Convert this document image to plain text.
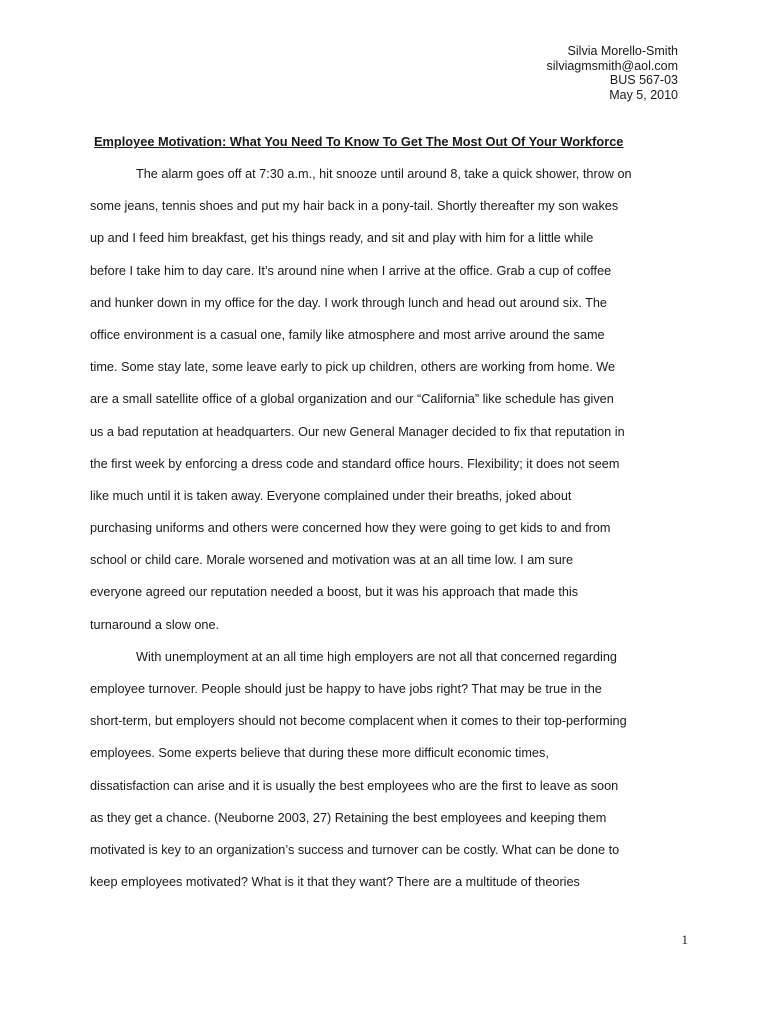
Silvia Morello-Smith
silviagmsmith@aol.com
BUS 567-03
May 5, 2010
Employee Motivation: What You Need To Know To Get The Most Out Of Your Workforce
The alarm goes off at 7:30 a.m., hit snooze until around 8, take a quick shower, throw on
some jeans, tennis shoes and put my hair back in a pony-tail. Shortly thereafter my son wakes
up and I feed him breakfast, get his things ready, and sit and play with him for a little while
before I take him to day care. It’s around nine when I arrive at the office. Grab a cup of coffee
and hunker down in my office for the day. I work through lunch and head out around six. The
office environment is a casual one, family like atmosphere and most arrive around the same
time. Some stay late, some leave early to pick up children, others are working from home. We
are a small satellite office of a global organization and our “California” like schedule has given
us a bad reputation at headquarters. Our new General Manager decided to fix that reputation in
the first week by enforcing a dress code and standard office hours. Flexibility; it does not seem
like much until it is taken away. Everyone complained under their breaths, joked about
purchasing uniforms and others were concerned how they were going to get kids to and from
school or child care. Morale worsened and motivation was at an all time low. I am sure
everyone agreed our reputation needed a boost, but it was his approach that made this
turnaround a slow one.
With unemployment at an all time high employers are not all that concerned regarding
employee turnover. People should just be happy to have jobs right? That may be true in the
short-term, but employers should not become complacent when it comes to their top-performing
employees. Some experts believe that during these more difficult economic times,
dissatisfaction can arise and it is usually the best employees who are the first to leave as soon
as they get a chance. (Neuborne 2003, 27) Retaining the best employees and keeping them
motivated is key to an organization’s success and turnover can be costly. What can be done to
keep employees motivated? What is it that they want? There are a multitude of theories
1
